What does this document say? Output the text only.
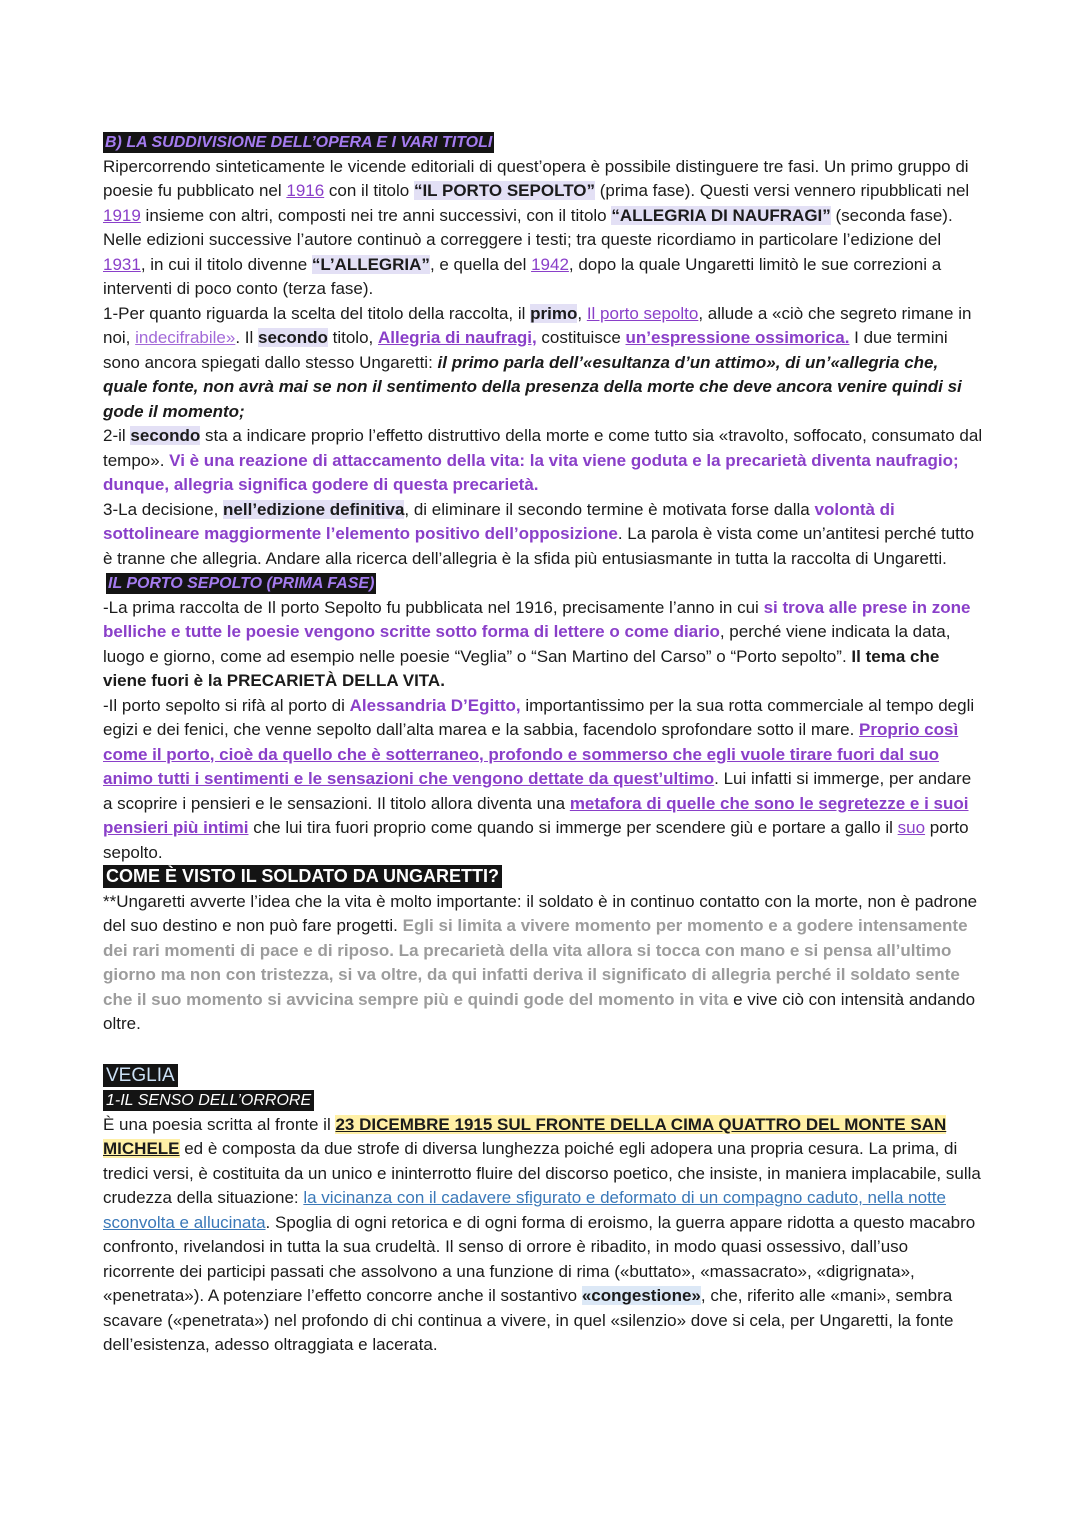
B) LA SUDDIVISIONE DELL’OPERA E I VARI TITOLI

Ripercorrendo sinteticamente le vicende editoriali di quest’opera è possibile distinguere tre fasi. Un primo gruppo di poesie fu pubblicato nel 1916 con il titolo “IL PORTO SEPOLTO” (prima fase). Questi versi vennero ripubblicati nel 1919 insieme con altri, composti nei tre anni successivi, con il titolo “ALLEGRIA DI NAUFRAGI” (seconda fase). Nelle edizioni successive l’autore continuò a correggere i testi; tra queste ricordiamo in particolare l’edizione del 1931, in cui il titolo divenne “L’ALLEGRIA”, e quella del 1942, dopo la quale Ungaretti limitò le sue correzioni a interventi di poco conto (terza fase).

1-Per quanto riguarda la scelta del titolo della raccolta, il primo, Il porto sepolto, allude a «ciò che segreto rimane in noi, indecifrabile». Il secondo titolo, Allegria di naufragi, costituisce un’espressione ossimorica. I due termini sono ancora spiegati dallo stesso Ungaretti: il primo parla dell’«esultanza d’un attimo», di un’«allegria che, quale fonte, non avrà mai se non il sentimento della presenza della morte che deve ancora venire quindi si gode il momento;

2-il secondo sta a indicare proprio l’effetto distruttivo della morte e come tutto sia «travolto, soffocato, consumato dal tempo». Vi è una reazione di attaccamento della vita: la vita viene goduta e la precarietà diventa naufragio; dunque, allegria significa godere di questa precarietà.

3-La decisione, nell’edizione definitiva, di eliminare il secondo termine è motivata forse dalla volontà di sottolineare maggiormente l’elemento positivo dell’opposizione. La parola è vista come un’antitesi perché tutto è tranne che allegria. Andare alla ricerca dell’allegria è la sfida più entusiasmante in tutta la raccolta di Ungaretti.

IL PORTO SEPOLTO (PRIMA FASE)

-La prima raccolta de Il porto Sepolto fu pubblicata nel 1916, precisamente l’anno in cui si trova alle prese in zone belliche e tutte le poesie vengono scritte sotto forma di lettere o come diario, perché viene indicata la data, luogo e giorno, come ad esempio nelle poesie “Veglia” o “San Martino del Carso” o “Porto sepolto”. Il tema che viene fuori è la PRECARIETÀ DELLA VITA.

-Il porto sepolto si rifà al porto di Alessandria D’Egitto, importantissimo per la sua rotta commerciale al tempo degli egizi e dei fenici, che venne sepolto dall’alta marea e la sabbia, facendolo sprofondare sotto il mare. Proprio così come il porto, cioè da quello che è sotterraneo, profondo e sommerso che egli vuole tirare fuori dal suo animo tutti i sentimenti e le sensazioni che vengono dettate da quest’ultimo. Lui infatti si immerge, per andare a scoprire i pensieri e le sensazioni. Il titolo allora diventa una metafora di quelle che sono le segretezze e i suoi pensieri più intimi che lui tira fuori proprio come quando si immerge per scendere giù e portare a gallo il suo porto sepolto.

COME È VISTO IL SOLDATO DA UNGARETTI?

**Ungaretti avverte l’idea che la vita è molto importante: il soldato è in continuo contatto con la morte, non è padrone del suo destino e non può fare progetti. Egli si limita a vivere momento per momento e a godere intensamente dei rari momenti di pace e di riposo. La precarietà della vita allora si tocca con mano e si pensa all’ultimo giorno ma non con tristezza, si va oltre, da qui infatti deriva il significato di allegria perché il soldato sente che il suo momento si avvicina sempre più e quindi gode del momento in vita e vive ciò con intensità andando oltre.

VEGLIA
1-IL SENSO DELL’ORRORE

È una poesia scritta al fronte il 23 DICEMBRE 1915 SUL FRONTE DELLA CIMA QUATTRO DEL MONTE SAN MICHELE ed è composta da due strofe di diversa lunghezza poiché egli adopera una propria cesura. La prima, di tredici versi, è costituita da un unico e ininterrotto fluire del discorso poetico, che insiste, in maniera implacabile, sulla crudezza della situazione: la vicinanza con il cadavere sfigurato e deformato di un compagno caduto, nella notte sconvolta e allucinata. Spoglia di ogni retorica e di ogni forma di eroismo, la guerra appare ridotta a questo macabro confronto, rivelandosi in tutta la sua crudeltà. Il senso di orrore è ribadito, in modo quasi ossessivo, dall’uso ricorrente dei participi passati che assolvono a una funzione di rima («buttato», «massacrato», «digrignata», «penetrata»). A potenziare l’effetto concorre anche il sostantivo «congestione», che, riferito alle «mani», sembra scavare («penetrata») nel profondo di chi continua a vivere, in quel «silenzio» dove si cela, per Ungaretti, la fonte dell’esistenza, adesso oltraggiata e lacerata.
